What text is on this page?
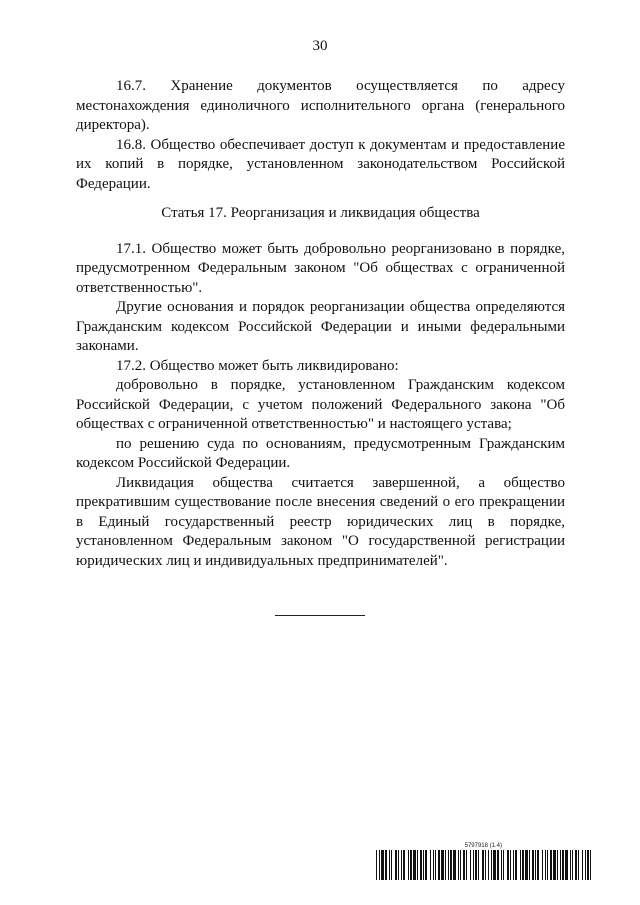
30

16.7. Хранение документов осуществляется по адресу местонахождения единоличного исполнительного органа (генерального директора).

16.8. Общество обеспечивает доступ к документам и предоставление их копий в порядке, установленном законодательством Российской Федерации.

Статья 17. Реорганизация и ликвидация общества

17.1. Общество может быть добровольно реорганизовано в порядке, предусмотренном Федеральным законом "Об обществах с ограниченной ответственностью".

Другие основания и порядок реорганизации общества определяются Гражданским кодексом Российской Федерации и иными федеральными законами.

17.2. Общество может быть ликвидировано:

добровольно в порядке, установленном Гражданским кодексом Российской Федерации, с учетом положений Федерального закона "Об обществах с ограниченной ответственностью" и настоящего устава;

по решению суда по основаниям, предусмотренным Гражданским кодексом Российской Федерации.

Ликвидация общества считается завершенной, а общество прекратившим существование после внесения сведений о его прекращении в Единый государственный реестр юридических лиц в порядке, установленном Федеральным законом "О государственной регистрации юридических лиц и индивидуальных предпринимателей".

5797918 (1.4)
